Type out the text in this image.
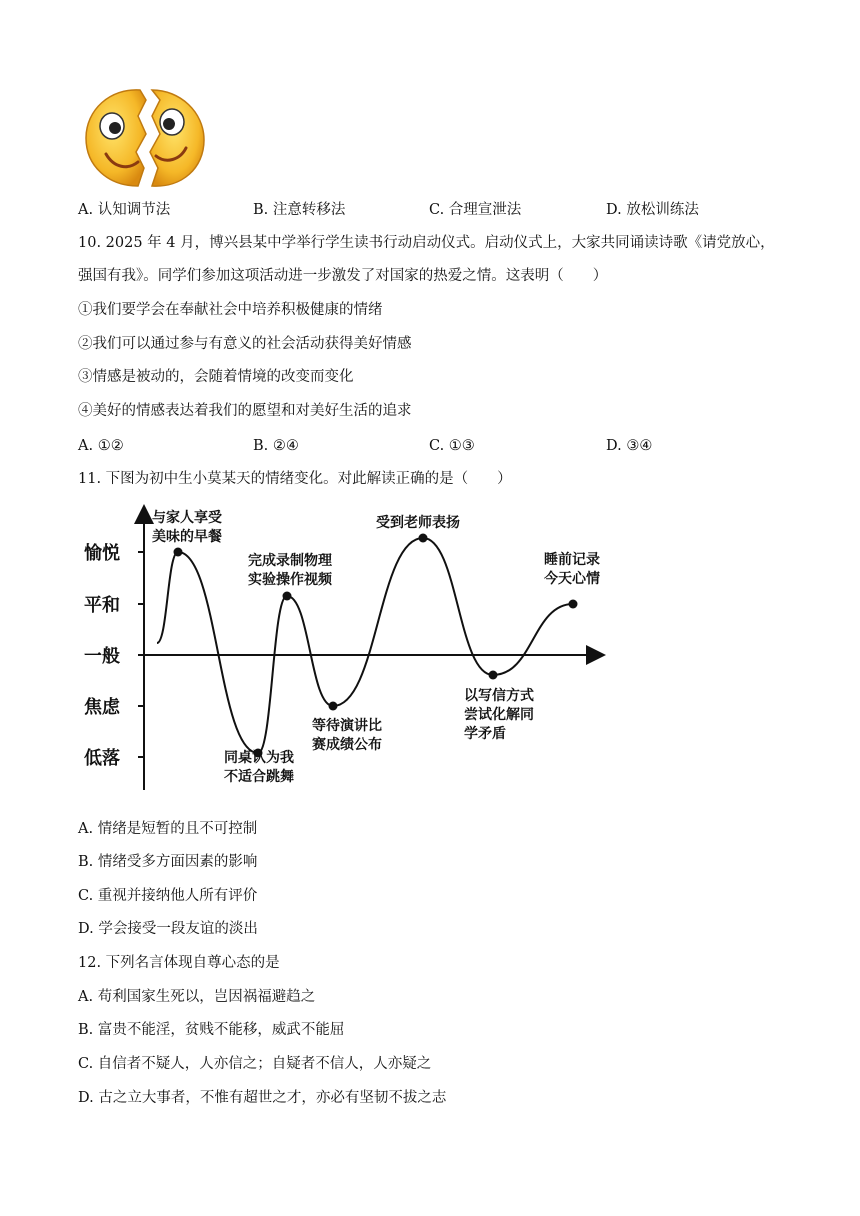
A. 认知调节法	B. 注意转移法	C. 合理宣泄法	D. 放松训练法
10. 2025 年 4 月，博兴县某中学举行学生读书行动启动仪式。启动仪式上，大家共同诵读诗歌《请党放心，
强国有我》。同学们参加这项活动进一步激发了对国家的热爱之情。这表明（　　）
①我们要学会在奉献社会中培养积极健康的情绪
②我们可以通过参与有意义的社会活动获得美好情感
③情感是被动的，会随着情境的改变而变化
④美好的情感表达着我们的愿望和对美好生活的追求
A. ①②	B. ②④	C. ①③	D. ③④
11. 下图为初中生小莫某天的情绪变化。对此解读正确的是（　　）
愉悦
平和
一般
焦虑
低落
与家人享受
美味的早餐
同桌认为我
不适合跳舞
完成录制物理
实验操作视频
等待演讲比
赛成绩公布
受到老师表扬
以写信方式
尝试化解同
学矛盾
睡前记录
今天心情
A. 情绪是短暂的且不可控制
B. 情绪受多方面因素的影响
C. 重视并接纳他人所有评价
D. 学会接受一段友谊的淡出
12. 下列名言体现自尊心态的是
A. 苟利国家生死以，岂因祸福避趋之
B. 富贵不能淫，贫贱不能移，威武不能屈
C. 自信者不疑人，人亦信之；自疑者不信人，人亦疑之
D. 古之立大事者，不惟有超世之才，亦必有坚韧不拔之志
